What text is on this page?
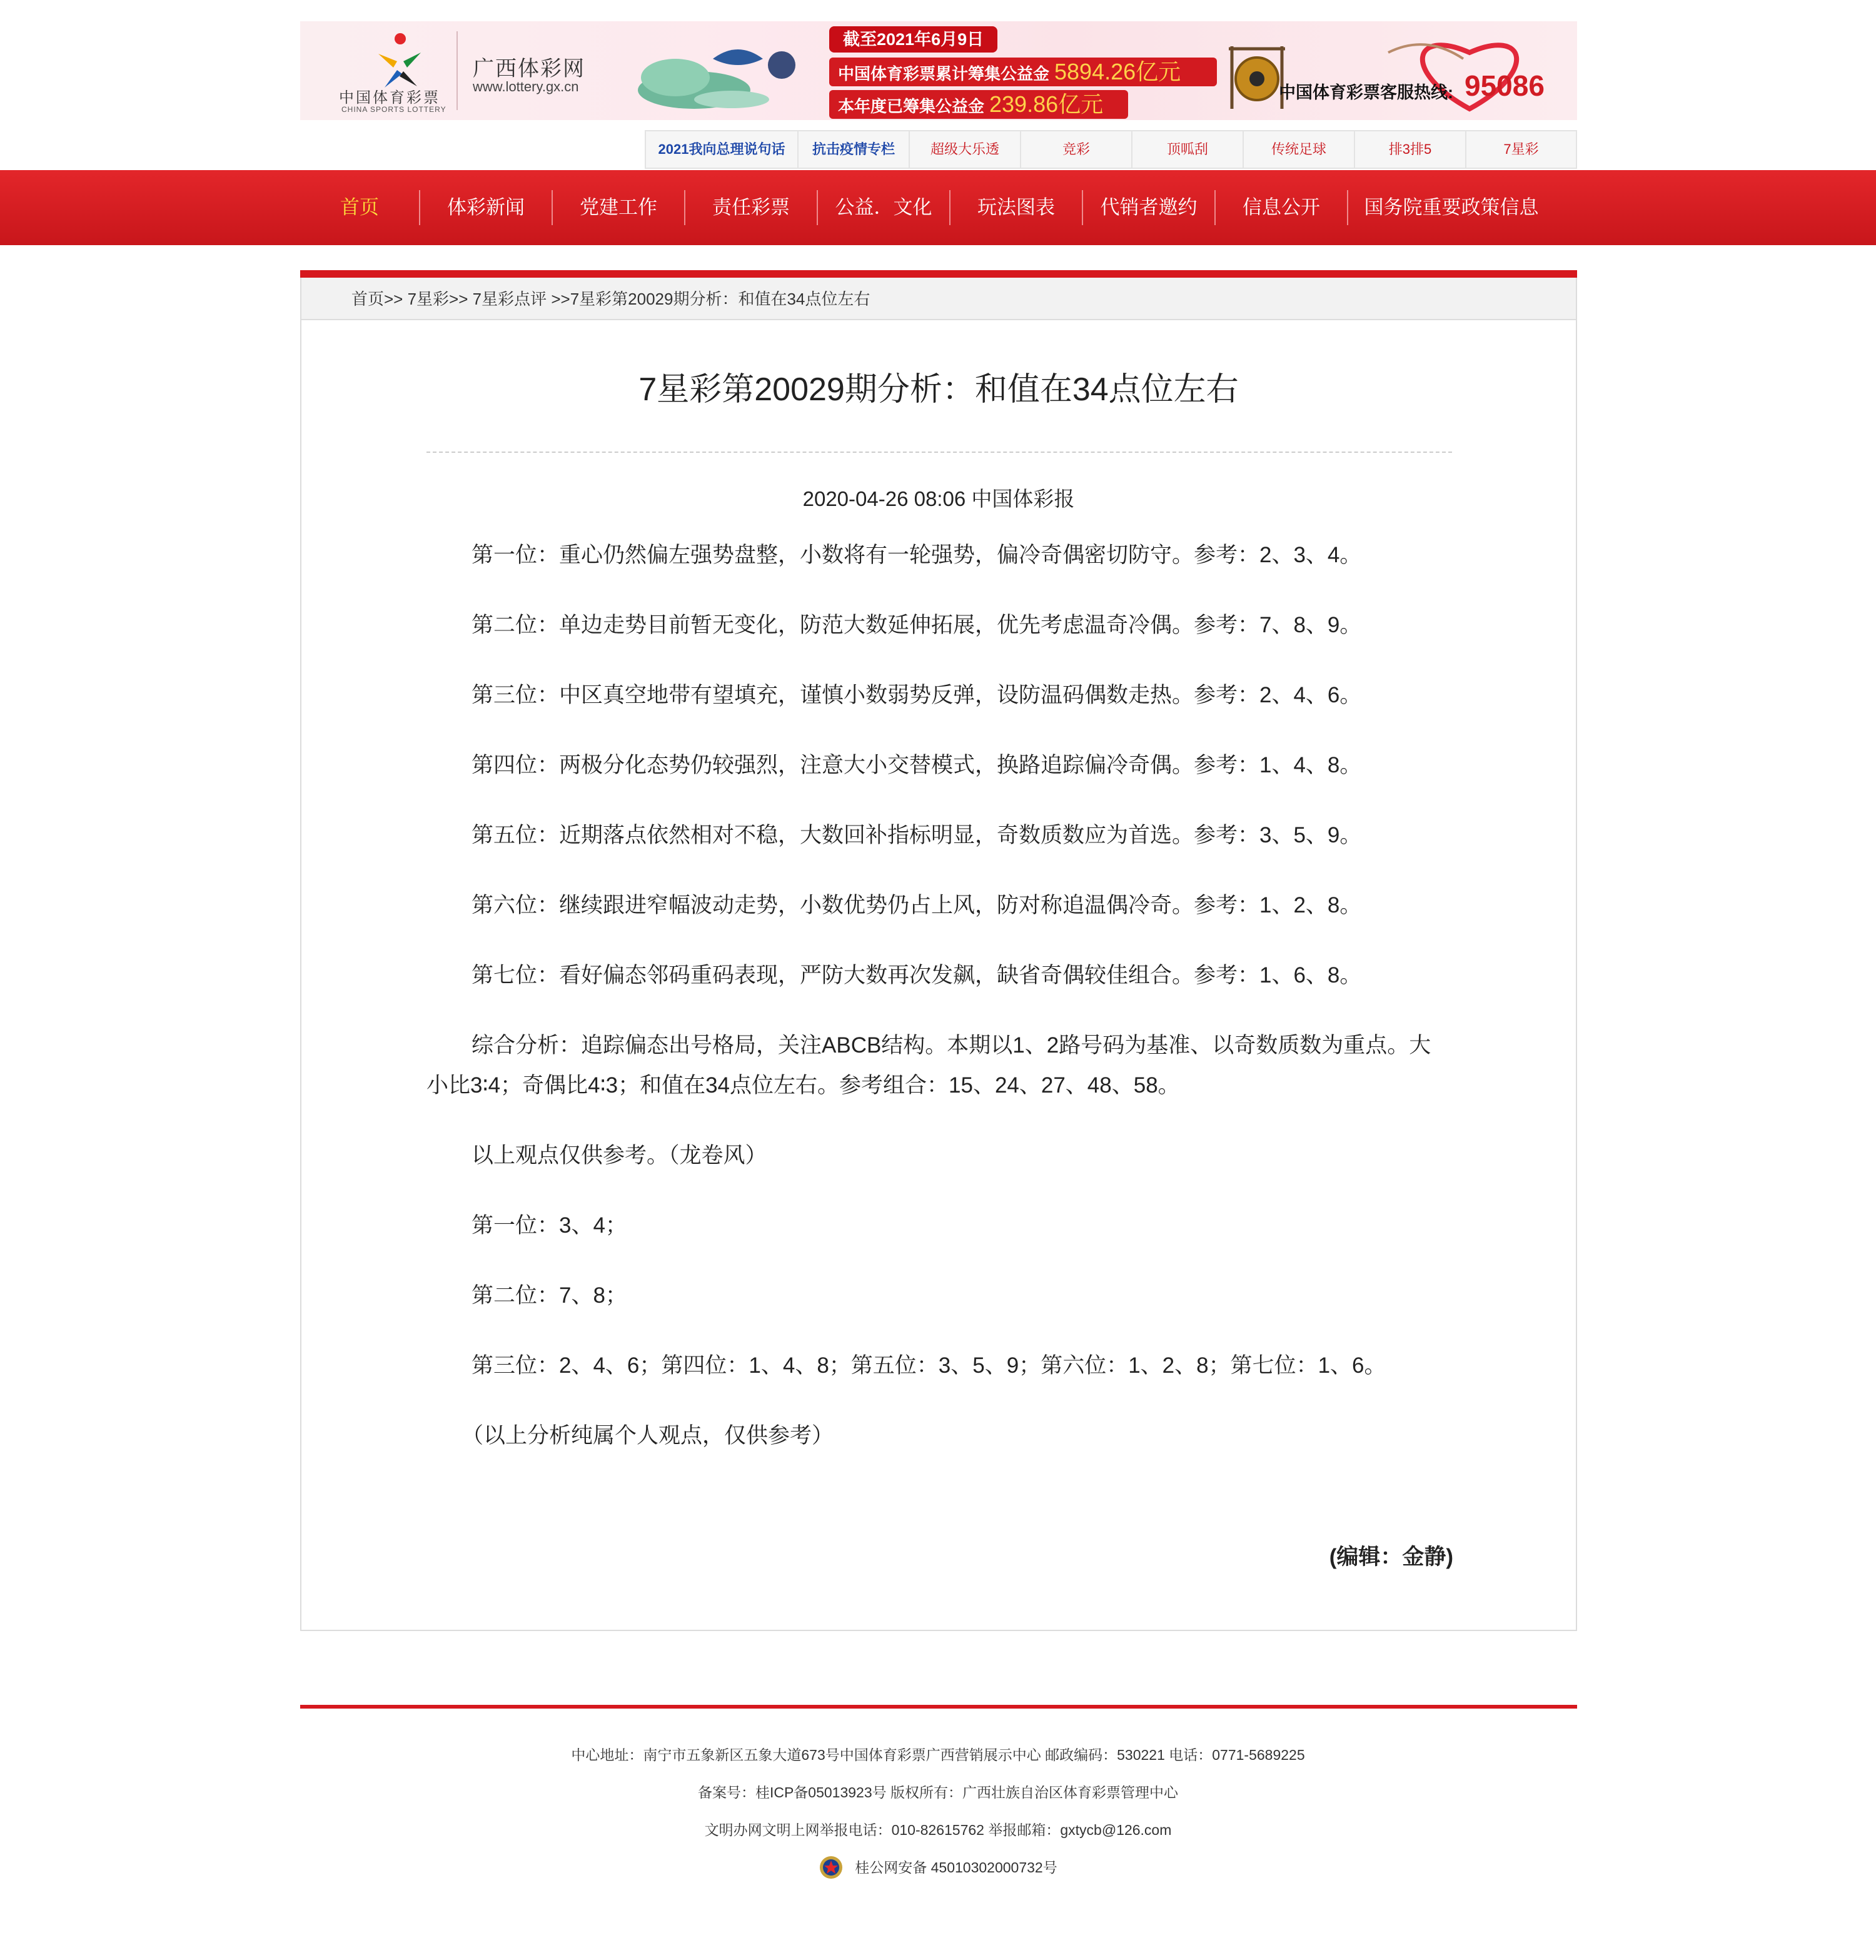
中国体育彩票
CHINA SPORTS LOTTERY
广西体彩网
www.lottery.gx.cn
截至2021年6月9日
中国体育彩票累计筹集公益金 5894.26亿元
本年度已筹集公益金 239.86亿元	中国体育彩票客服热线: 95086
2021我向总理说句话	抗击疫情专栏	超级大乐透	竞彩	顶呱刮	传统足球	排3排5	7星彩
首页	体彩新闻	党建工作	责任彩票	公益．文化	玩法图表	代销者邀约	信息公开	国务院重要政策信息
首页>> 7星彩>> 7星彩点评 >>7星彩第20029期分析：和值在34点位左右
7星彩第20029期分析：和值在34点位左右
2020-04-26 08:06 中国体彩报

第一位：重心仍然偏左强势盘整，小数将有一轮强势，偏冷奇偶密切防守。参考：2、3、4。

第二位：单边走势目前暂无变化，防范大数延伸拓展，优先考虑温奇冷偶。参考：7、8、9。

第三位：中区真空地带有望填充，谨慎小数弱势反弹，设防温码偶数走热。参考：2、4、6。

第四位：两极分化态势仍较强烈，注意大小交替模式，换路追踪偏冷奇偶。参考：1、4、8。

第五位：近期落点依然相对不稳，大数回补指标明显，奇数质数应为首选。参考：3、5、9。

第六位：继续跟进窄幅波动走势，小数优势仍占上风，防对称追温偶冷奇。参考：1、2、8。

第七位：看好偏态邻码重码表现，严防大数再次发飙，缺省奇偶较佳组合。参考：1、6、8。

综合分析：追踪偏态出号格局，关注ABCB结构。本期以1、2路号码为基准、以奇数质数为重点。大小比3∶4；奇偶比4∶3；和值在34点位左右。参考组合：15、24、27、48、58。

以上观点仅供参考。（龙卷风）

第一位：3、4；

第二位：7、8；

第三位：2、4、6；第四位：1、4、8；第五位：3、5、9；第六位：1、2、8；第七位：1、6。

（以上分析纯属个人观点，仅供参考）

(编辑：金静)
中心地址：南宁市五象新区五象大道673号中国体育彩票广西营销展示中心 邮政编码：530221 电话：0771-5689225
备案号：桂ICP备05013923号 版权所有：广西壮族自治区体育彩票管理中心
文明办网文明上网举报电话：010-82615762 举报邮箱：gxtycb@126.com
桂公网安备 45010302000732号
